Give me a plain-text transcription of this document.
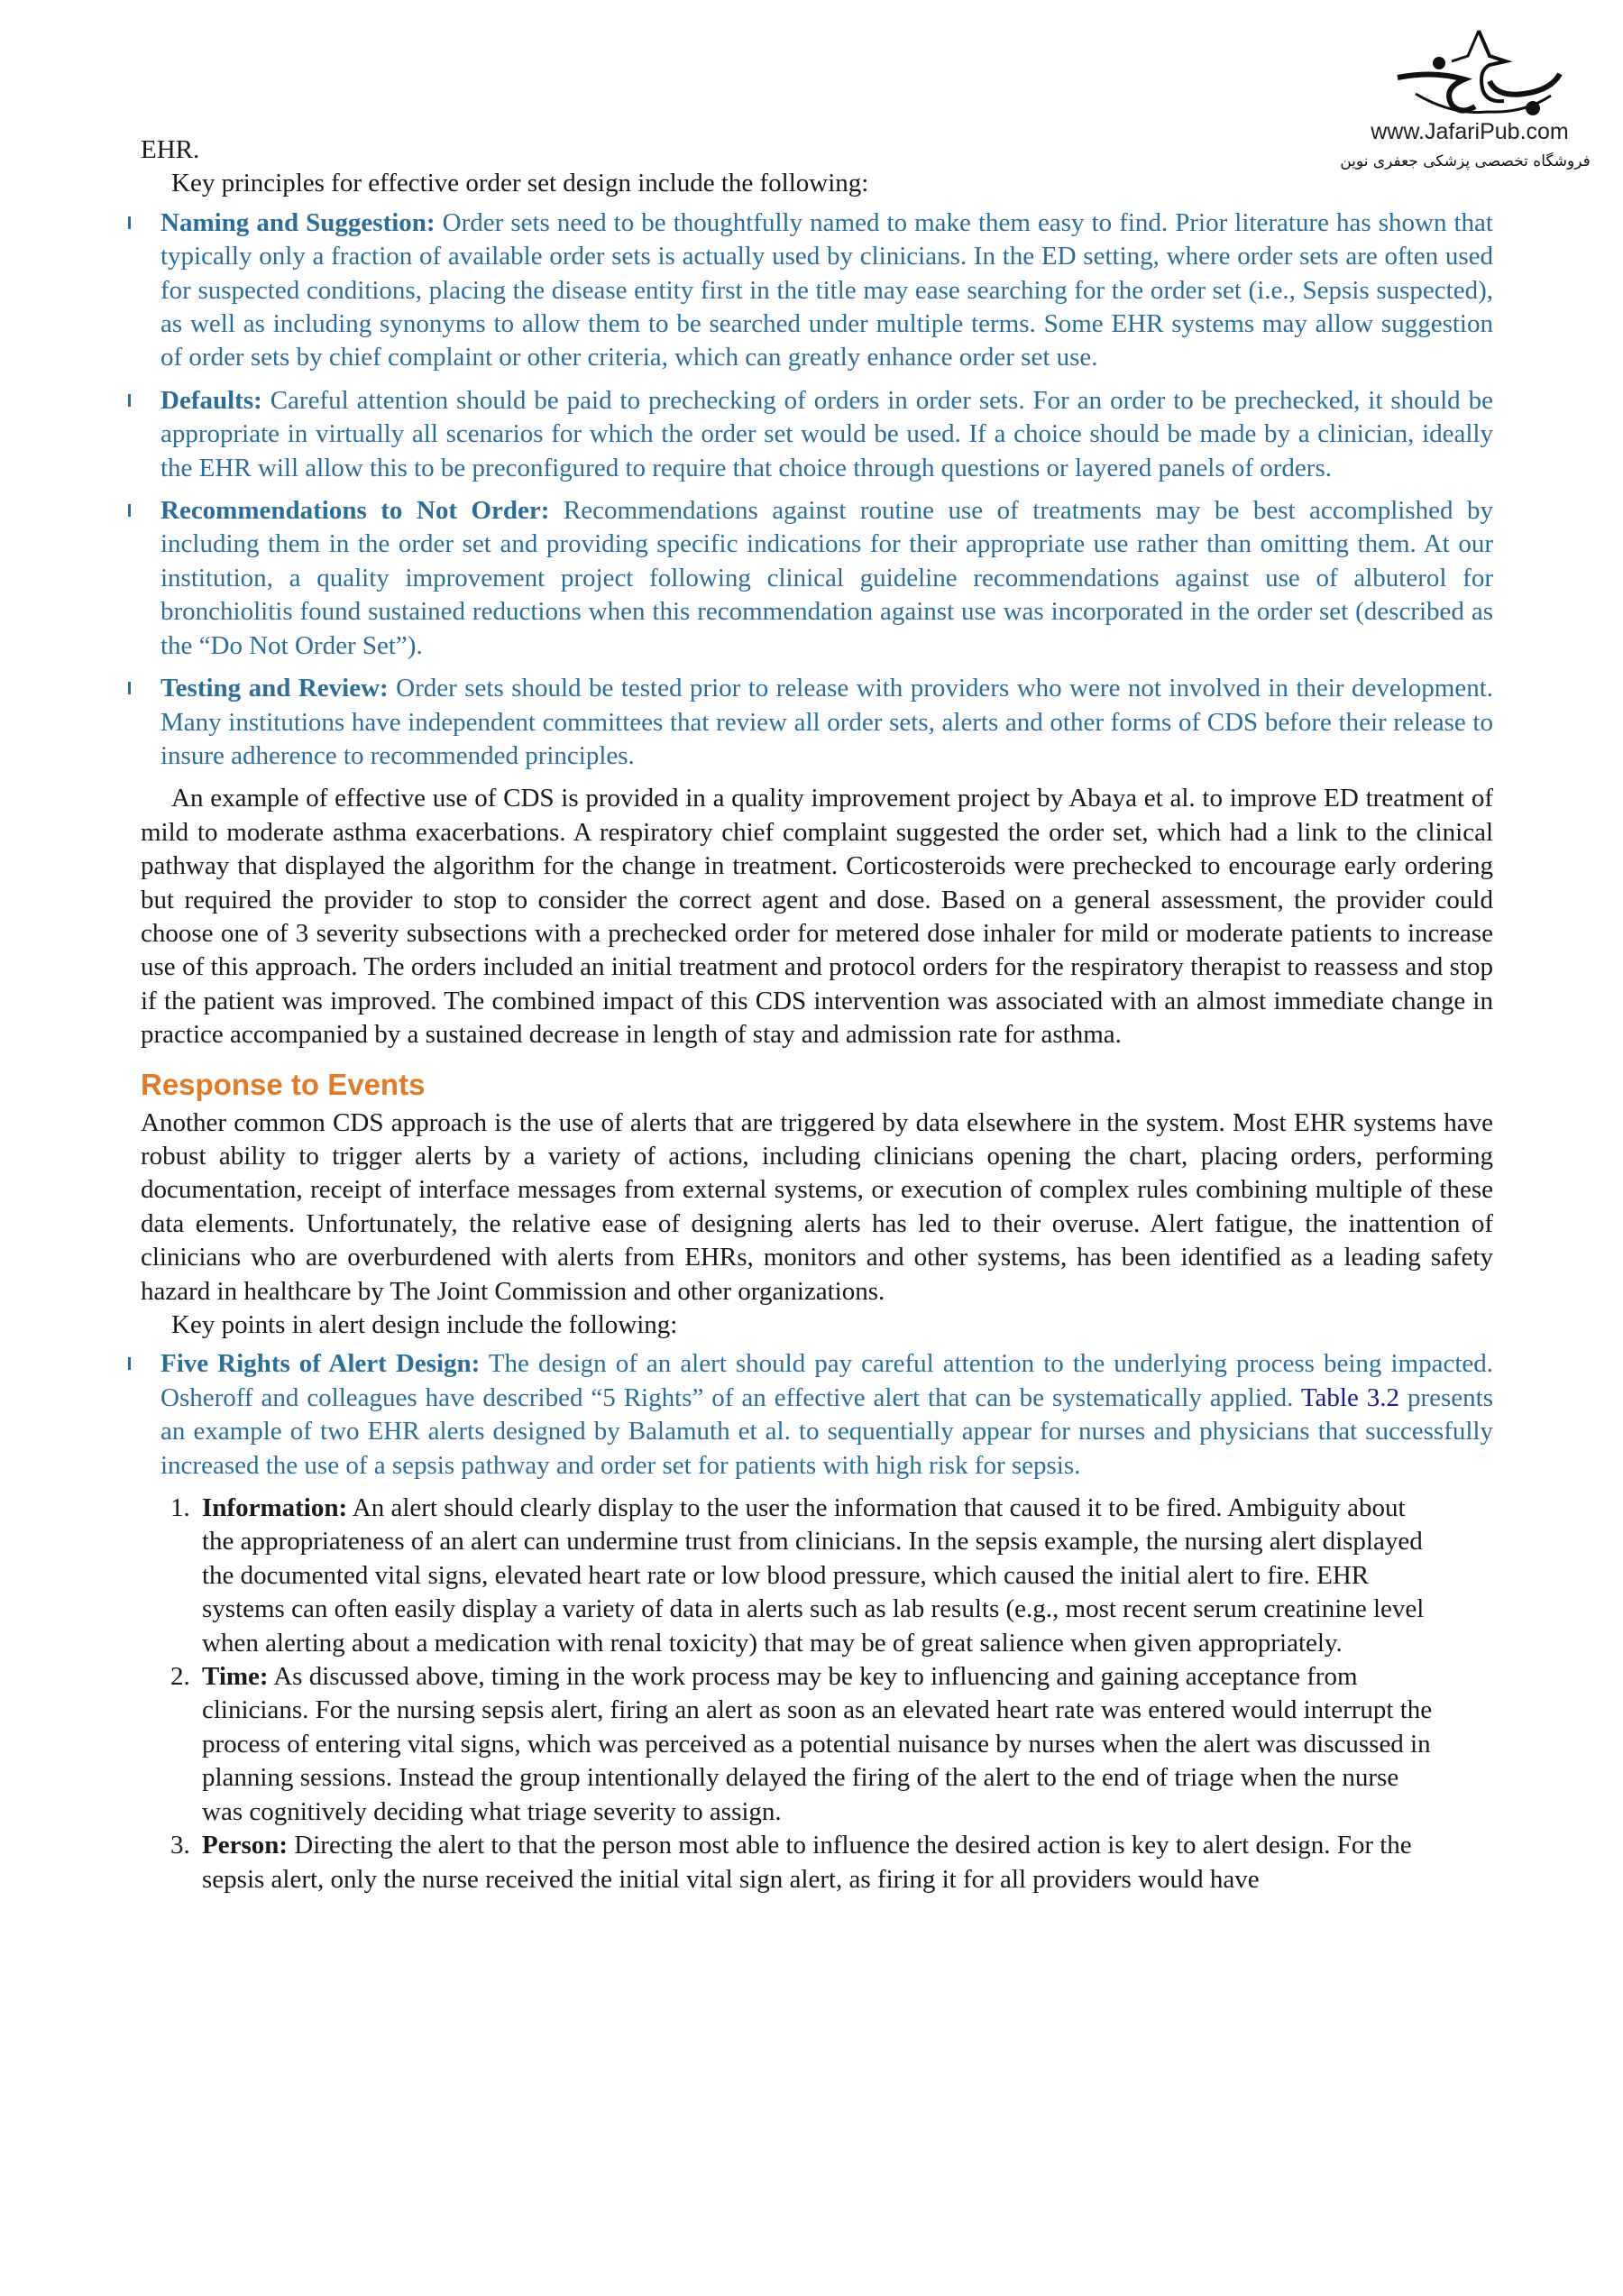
www.JafariPub.com
فروشگاه تخصصی پزشکی جعفری نوین

EHR.

Key principles for effective order set design include the following:

Naming and Suggestion: Order sets need to be thoughtfully named to make them easy to find. Prior literature has shown that typically only a fraction of available order sets is actually used by clinicians. In the ED setting, where order sets are often used for suspected conditions, placing the disease entity first in the title may ease searching for the order set (i.e., Sepsis suspected), as well as including synonyms to allow them to be searched under multiple terms. Some EHR systems may allow suggestion of order sets by chief complaint or other criteria, which can greatly enhance order set use.
Defaults: Careful attention should be paid to prechecking of orders in order sets. For an order to be prechecked, it should be appropriate in virtually all scenarios for which the order set would be used. If a choice should be made by a clinician, ideally the EHR will allow this to be preconfigured to require that choice through questions or layered panels of orders.
Recommendations to Not Order: Recommendations against routine use of treatments may be best accomplished by including them in the order set and providing specific indications for their appropriate use rather than omitting them. At our institution, a quality improvement project following clinical guideline recommendations against use of albuterol for bronchiolitis found sustained reductions when this recommendation against use was incorporated in the order set (described as the “Do Not Order Set”).
Testing and Review: Order sets should be tested prior to release with providers who were not involved in their development. Many institutions have independent committees that review all order sets, alerts and other forms of CDS before their release to insure adherence to recommended principles.

An example of effective use of CDS is provided in a quality improvement project by Abaya et al. to improve ED treatment of mild to moderate asthma exacerbations. A respiratory chief complaint suggested the order set, which had a link to the clinical pathway that displayed the algorithm for the change in treatment. Corticosteroids were prechecked to encourage early ordering but required the provider to stop to consider the correct agent and dose. Based on a general assessment, the provider could choose one of 3 severity subsections with a prechecked order for metered dose inhaler for mild or moderate patients to increase use of this approach. The orders included an initial treatment and protocol orders for the respiratory therapist to reassess and stop if the patient was improved. The combined impact of this CDS intervention was associated with an almost immediate change in practice accompanied by a sustained decrease in length of stay and admission rate for asthma.

Response to Events

Another common CDS approach is the use of alerts that are triggered by data elsewhere in the system. Most EHR systems have robust ability to trigger alerts by a variety of actions, including clinicians opening the chart, placing orders, performing documentation, receipt of interface messages from external systems, or execution of complex rules combining multiple of these data elements. Unfortunately, the relative ease of designing alerts has led to their overuse. Alert fatigue, the inattention of clinicians who are overburdened with alerts from EHRs, monitors and other systems, has been identified as a leading safety hazard in healthcare by The Joint Commission and other organizations.

Key points in alert design include the following:

Five Rights of Alert Design: The design of an alert should pay careful attention to the underlying process being impacted. Osheroff and colleagues have described “5 Rights” of an effective alert that can be systematically applied. Table 3.2 presents an example of two EHR alerts designed by Balamuth et al. to sequentially appear for nurses and physicians that successfully increased the use of a sepsis pathway and order set for patients with high risk for sepsis.
1. Information: An alert should clearly display to the user the information that caused it to be fired. Ambiguity about the appropriateness of an alert can undermine trust from clinicians. In the sepsis example, the nursing alert displayed the documented vital signs, elevated heart rate or low blood pressure, which caused the initial alert to fire. EHR systems can often easily display a variety of data in alerts such as lab results (e.g., most recent serum creatinine level when alerting about a medication with renal toxicity) that may be of great salience when given appropriately.
2. Time: As discussed above, timing in the work process may be key to influencing and gaining acceptance from clinicians. For the nursing sepsis alert, firing an alert as soon as an elevated heart rate was entered would interrupt the process of entering vital signs, which was perceived as a potential nuisance by nurses when the alert was discussed in planning sessions. Instead the group intentionally delayed the firing of the alert to the end of triage when the nurse was cognitively deciding what triage severity to assign.
3. Person: Directing the alert to that the person most able to influence the desired action is key to alert design. For the sepsis alert, only the nurse received the initial vital sign alert, as firing it for all providers would have
